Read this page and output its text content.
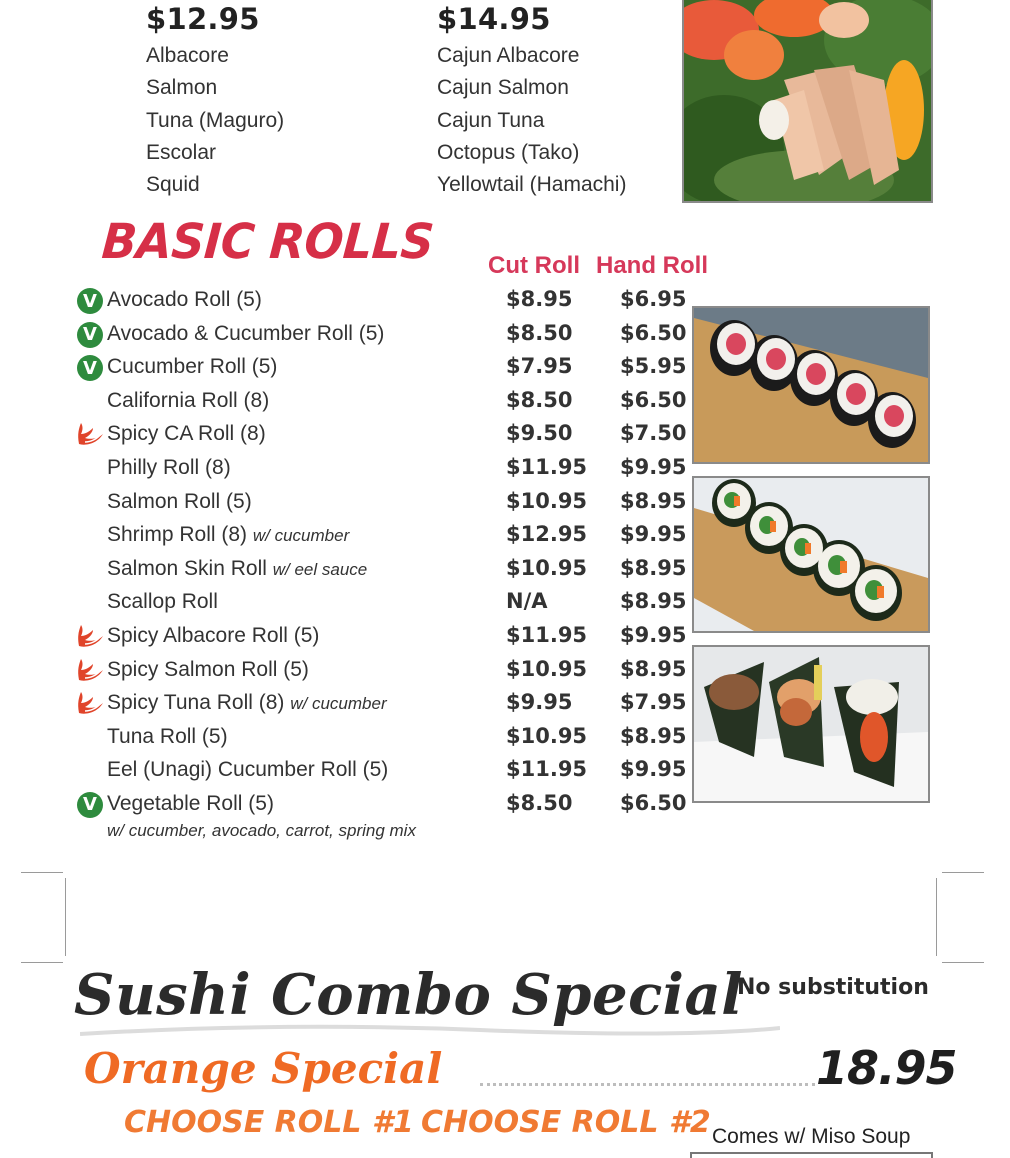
$12.95
Albacore
Salmon
Tuna (Maguro)
Escolar
Squid
$14.95
Cajun Albacore
Cajun Salmon
Cajun Tuna
Octopus (Tako)
Yellowtail (Hamachi)
BASIC ROLLS Cut Roll Hand Roll
V Avocado Roll (5)	$8.95 $6.95
V Avocado & Cucumber Roll (5)	$8.50 $6.50
V Cucumber Roll (5)	$7.95 $5.95
California Roll (8)	$8.50 $6.50
Spicy CA Roll (8)	$9.50 $7.50
Philly Roll (8)	$11.95 $9.95
Salmon Roll (5)	$10.95 $8.95
Shrimp Roll (8) w/ cucumber	$12.95 $9.95
Salmon Skin Roll w/ eel sauce	$10.95 $8.95
Scallop Roll	N/A	$8.95
Spicy Albacore Roll (5)	$11.95 $9.95
Spicy Salmon Roll (5)	$10.95 $8.95
Spicy Tuna Roll (8) w/ cucumber	$9.95 $7.95
Tuna Roll (5)	$10.95 $8.95
Eel (Unagi) Cucumber Roll (5)	$11.95 $9.95
V Vegetable Roll (5)	$8.50 $6.50
w/ cucumber, avocado, carrot, spring mix
Sushi Combo Special
No substitution
Orange Special	18.95
CHOOSE ROLL #1 CHOOSE ROLL #2 Comes w/ Miso Soup
